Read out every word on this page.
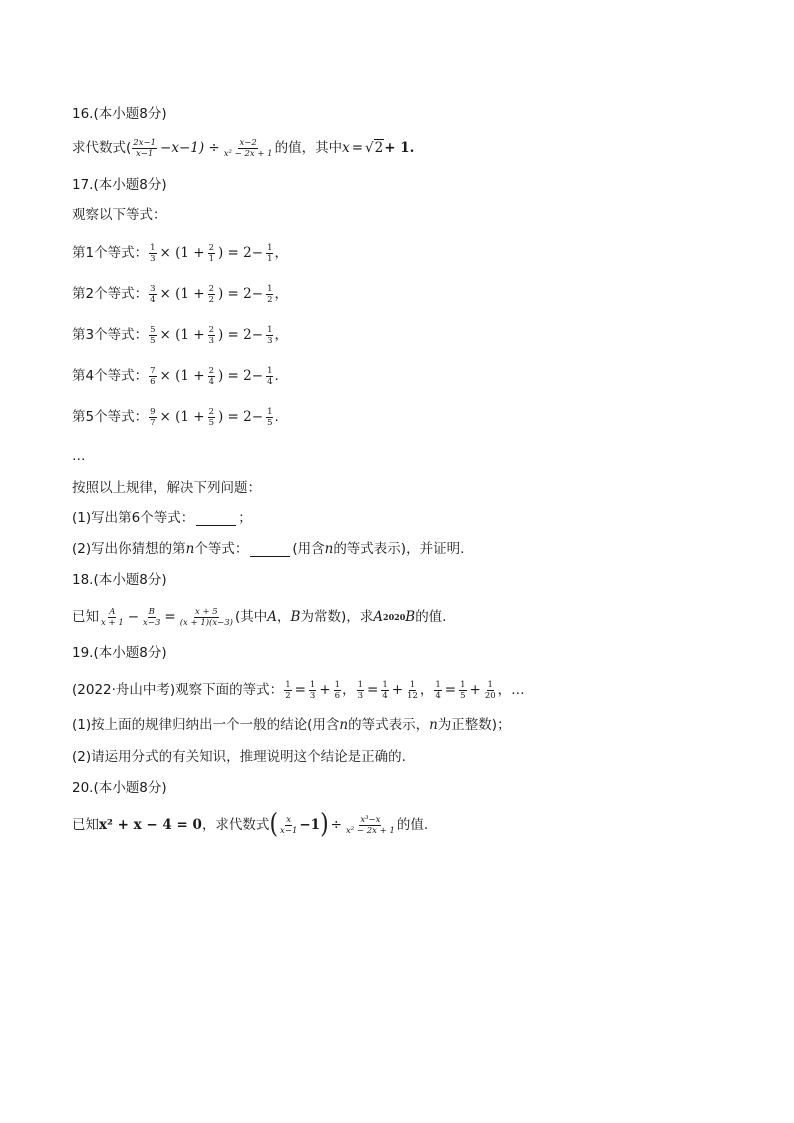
16.(本小题8分)
求代数式( $\frac{2x-1}{x-1} -x-1) \div \frac{x-2}{\text{x² − 2x + 1}}$ 的值，其中 x = √2 + 1.
17.(本小题8分)
观察以下等式：
第1个等式： $\frac{1}{3} \times (1 + \frac{2}{1}$ ) = $2- \frac{1}{1}$ ，
第2个等式： $\frac{3}{4} \times (1 + \frac{2}{2}$ ) = $2- \frac{1}{2}$ ，
第3个等式： $\frac{5}{5} \times (1 + \frac{2}{3}$ ) = $2- \frac{1}{3}$ ，
第4个等式： $\frac{7}{6} \times (1 + \frac{2}{4}$ ) = $2- \frac{1}{4}$ .
第5个等式： $\frac{9}{7} \times (1 + \frac{2}{5}$ ) = $2- \frac{1}{5}$ .
…
按照以上规律，解决下列问题：
(1)写出第6个等式：	；
(2)写出你猜想的第 n 个等式：	(用含 n 的等式表示)，并证明.
18.(本小题8分)
已知 $\frac{A}{x + 1} - \frac{B}{x-3} = \frac{x + 5}{(x + 1)(x-3)}$ (其中 A ， B 为常数)，求 A 2020 B 的值.
19.(本小题8分)
(2022·舟山中考)观察下面的等式： $\frac{1}{2} = \frac{1}{3} + \frac{1}{6}$ ， $\frac{1}{3} = \frac{1}{4} + \frac{1}{12}$ ， $\frac{1}{4} = \frac{1}{5} + \frac{1}{20}$ ，…
(1)按上面的规律归纳出一个一般的结论(用含 n 的等式表示， n 为正整数)；
(2)请运用分式的有关知识，推理说明这个结论是正确的.
20.(本小题8分)
已知 x² + x − 4 = 0 ，求代数式 ( $\frac{x}{x-1} -1$ ) ÷ $\frac{\text{x³−x}}{\text{x² − 2x + 1}}$ 的值.
